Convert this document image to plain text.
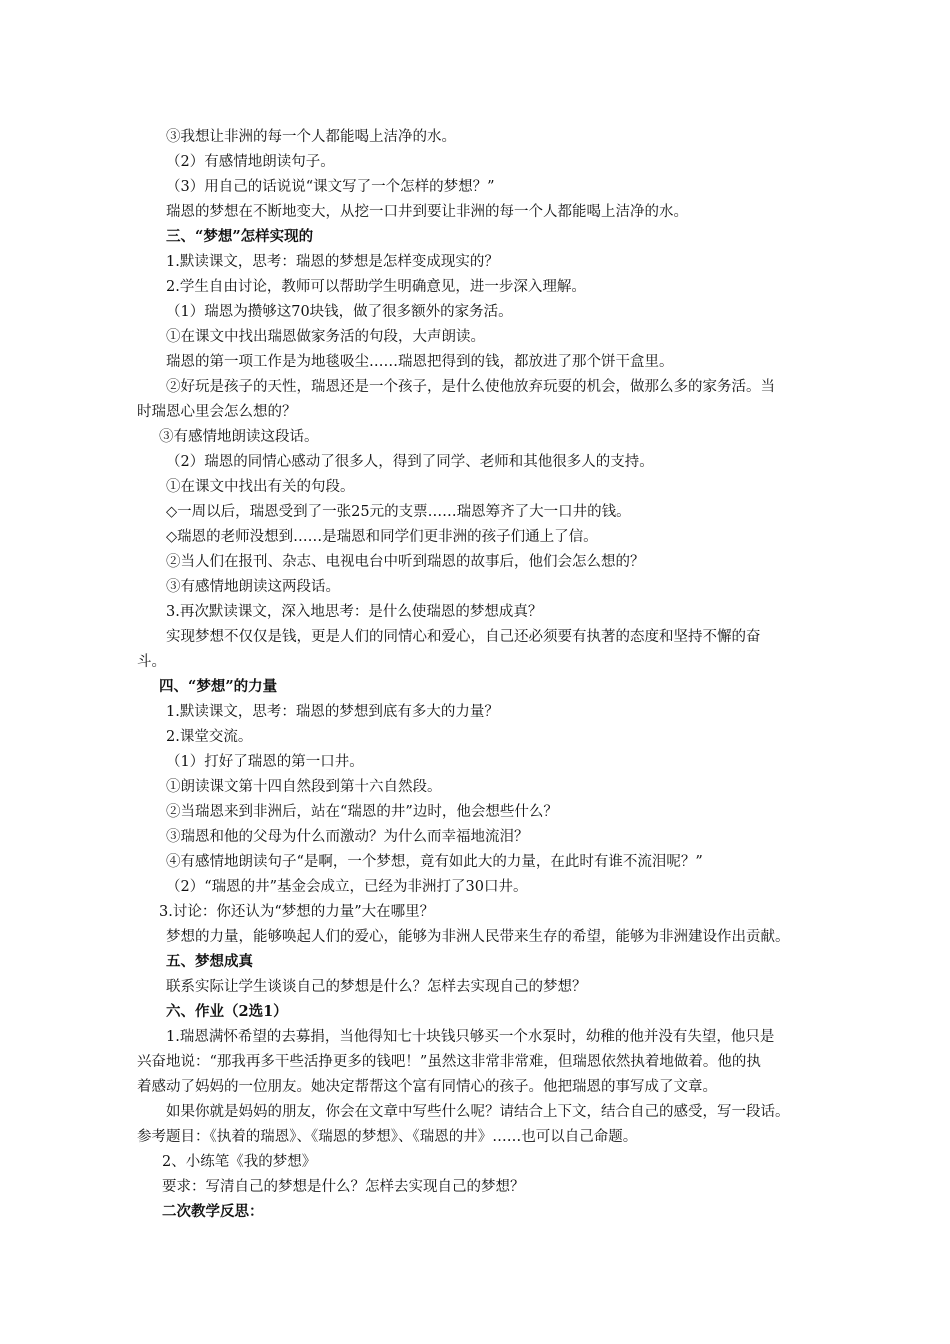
③我想让非洲的每一个人都能喝上洁净的水。

（2）有感情地朗读句子。

（3）用自己的话说说“课文写了一个怎样的梦想？”

瑞恩的梦想在不断地变大，从挖一口井到要让非洲的每一个人都能喝上洁净的水。

三、“梦想”怎样实现的

1.默读课文，思考：瑞恩的梦想是怎样变成现实的？

2.学生自由讨论，教师可以帮助学生明确意见，进一步深入理解。

（1）瑞恩为攒够这70块钱，做了很多额外的家务活。

①在课文中找出瑞恩做家务活的句段，大声朗读。

瑞恩的第一项工作是为地毯吸尘……瑞恩把得到的钱，都放进了那个饼干盒里。

②好玩是孩子的天性，瑞恩还是一个孩子，是什么使他放弃玩耍的机会，做那么多的家务活。当

时瑞恩心里会怎么想的？

③有感情地朗读这段话。

（2）瑞恩的同情心感动了很多人，得到了同学、老师和其他很多人的支持。

①在课文中找出有关的句段。

◇一周以后，瑞恩受到了一张25元的支票……瑞恩筹齐了大一口井的钱。

◇瑞恩的老师没想到……是瑞恩和同学们更非洲的孩子们通上了信。

②当人们在报刊、杂志、电视电台中听到瑞恩的故事后，他们会怎么想的？

③有感情地朗读这两段话。

3.再次默读课文，深入地思考：是什么使瑞恩的梦想成真？

实现梦想不仅仅是钱，更是人们的同情心和爱心，自己还必须要有执著的态度和坚持不懈的奋

斗。

四、“梦想”的力量

1.默读课文，思考：瑞恩的梦想到底有多大的力量？

2.课堂交流。

（1）打好了瑞恩的第一口井。

①朗读课文第十四自然段到第十六自然段。

②当瑞恩来到非洲后，站在“瑞恩的井”边时，他会想些什么？

③瑞恩和他的父母为什么而激动？为什么而幸福地流泪？

④有感情地朗读句子“是啊，一个梦想，竟有如此大的力量，在此时有谁不流泪呢？”

（2）“瑞恩的井”基金会成立，已经为非洲打了30口井。

3.讨论：你还认为“梦想的力量”大在哪里？

梦想的力量，能够唤起人们的爱心，能够为非洲人民带来生存的希望，能够为非洲建设作出贡献。

五、梦想成真

联系实际让学生谈谈自己的梦想是什么？怎样去实现自己的梦想？

六、作业（2选1）

1.瑞恩满怀希望的去募捐，当他得知七十块钱只够买一个水泵时，幼稚的他并没有失望，他只是

兴奋地说：“那我再多干些活挣更多的钱吧！”虽然这非常非常难，但瑞恩依然执着地做着。他的执

着感动了妈妈的一位朋友。她决定帮帮这个富有同情心的孩子。他把瑞恩的事写成了文章。

如果你就是妈妈的朋友，你会在文章中写些什么呢？请结合上下文，结合自己的感受，写一段话。

参考题目：《执着的瑞恩》、《瑞恩的梦想》、《瑞恩的井》……也可以自己命题。

2、小练笔《我的梦想》

要求：写清自己的梦想是什么？怎样去实现自己的梦想？

二次教学反思：
